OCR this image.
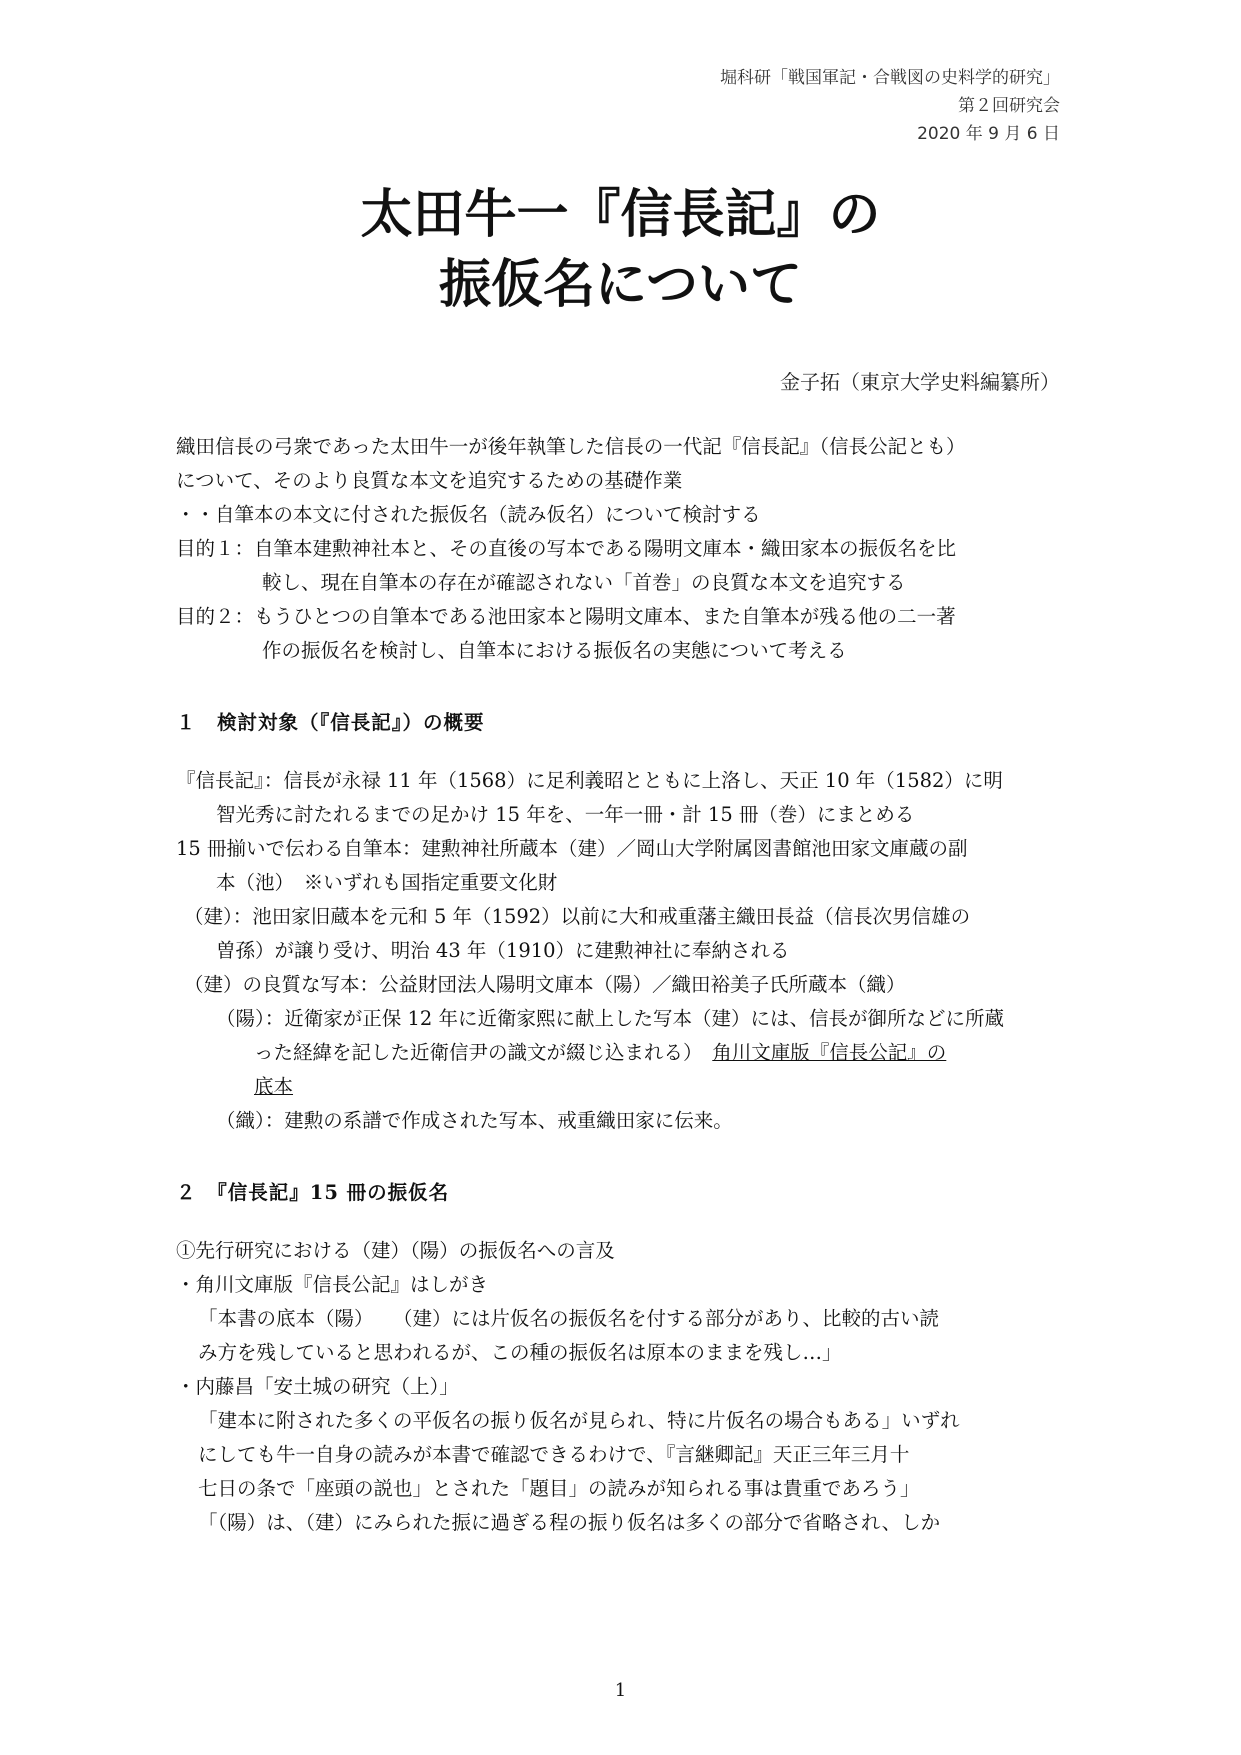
堀科研「戦国軍記・合戦図の史料学的研究」
第２回研究会
2020 年 9 月 6 日
太田牛一『信長記』の
振仮名について
金子拓（東京大学史料編纂所）

織田信長の弓衆であった太田牛一が後年執筆した信長の一代記『信長記』（信長公記とも）

について、そのより良質な本文を追究するための基礎作業

・・自筆本の本文に付された振仮名（読み仮名）について検討する

目的１：自筆本建勲神社本と、その直後の写本である陽明文庫本・織田家本の振仮名を比

較し、現在自筆本の存在が確認されない「首巻」の良質な本文を追究する

目的２：もうひとつの自筆本である池田家本と陽明文庫本、また自筆本が残る他の二一著

作の振仮名を検討し、自筆本における振仮名の実態について考える

１　検討対象（『信長記』）の概要

『信長記』：信長が永禄 11 年（1568）に足利義昭とともに上洛し、天正 10 年（1582）に明

智光秀に討たれるまでの足かけ 15 年を、一年一冊・計 15 冊（巻）にまとめる

15 冊揃いで伝わる自筆本：建勲神社所蔵本（建）／岡山大学附属図書館池田家文庫蔵の副

本（池）　※いずれも国指定重要文化財

（建）：池田家旧蔵本を元和 5 年（1592）以前に大和戒重藩主織田長益（信長次男信雄の

曽孫）が譲り受け、明治 43 年（1910）に建勲神社に奉納される

（建）の良質な写本：公益財団法人陽明文庫本（陽）／織田裕美子氏所蔵本（織）

（陽）：近衛家が正保 12 年に近衛家熙に献上した写本（建）には、信長が御所などに所蔵

った経緯を記した近衛信尹の識文が綴じ込まれる）　 角川文庫版『信長公記』の

底本

（織）：建勲の系譜で作成された写本、戒重織田家に伝来。

２　『信長記』15 冊の振仮名

①先行研究における（建）（陽）の振仮名への言及

・角川文庫版『信長公記』はしがき

「本書の底本（陽）　　（建）には片仮名の振仮名を付する部分があり、比較的古い読

み方を残していると思われるが、この種の振仮名は原本のままを残し…」

・内藤昌「安土城の研究（上）」

「建本に附された多くの平仮名の振り仮名が見られ、特に片仮名の場合もある」いずれ

にしても牛一自身の読みが本書で確認できるわけで、『言継卿記』天正三年三月十

七日の条で「座頭の説也」とされた「題目」の読みが知られる事は貴重であろう」

「（陽）は、（建）にみられた振に過ぎる程の振り仮名は多くの部分で省略され、しか

1
